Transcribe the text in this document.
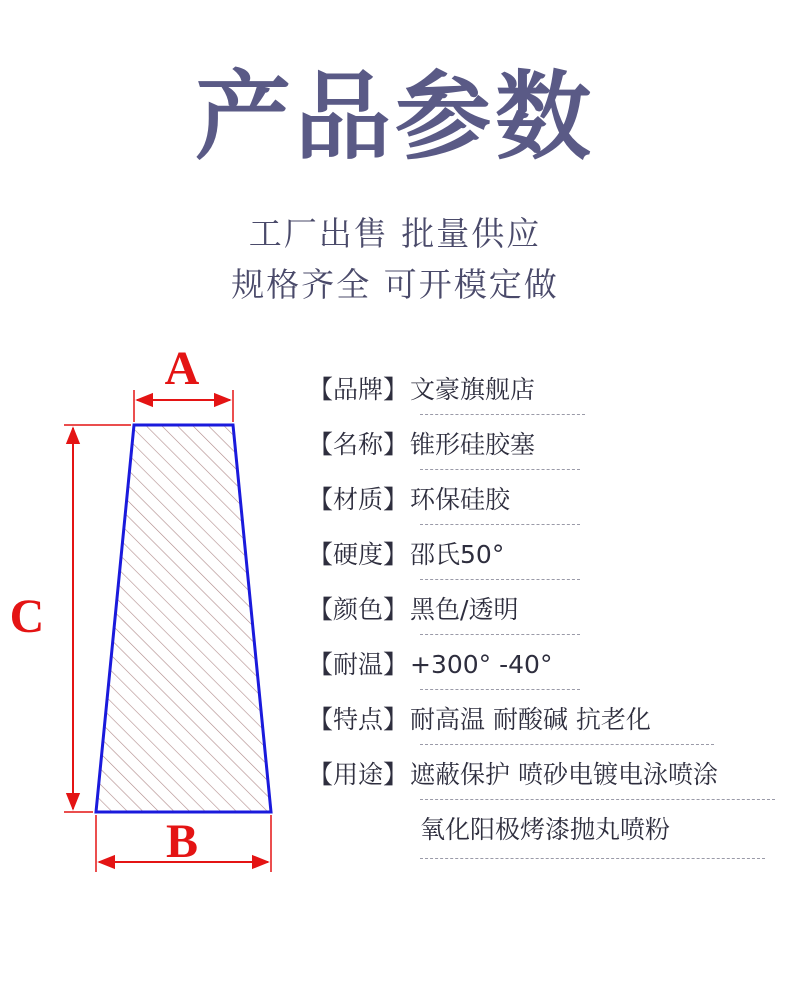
产品参数
工厂出售 批量供应
规格齐全 可开模定做
A
C
B
【品牌】文豪旗舰店
【名称】锥形硅胶塞
【材质】环保硅胶
【硬度】邵氏50°
【颜色】黑色/透明
【耐温】+300° -40°
【特点】耐高温 耐酸碱 抗老化
【用途】遮蔽保护 喷砂电镀电泳喷涂
氧化阳极烤漆抛丸喷粉
